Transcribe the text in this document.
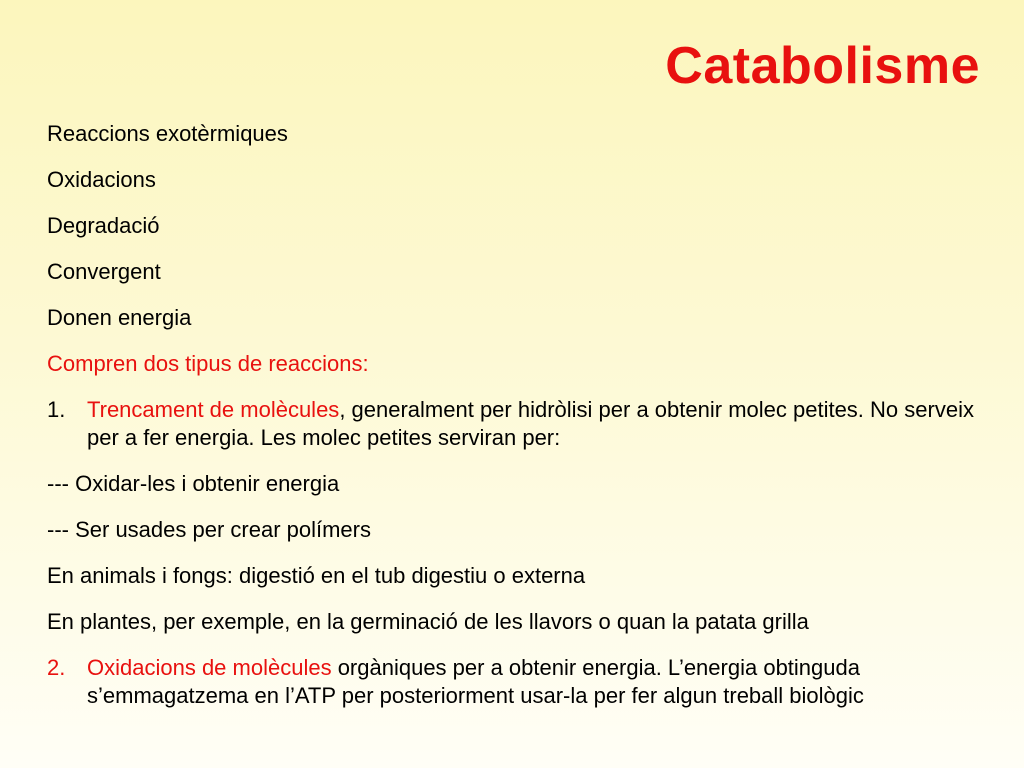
Catabolisme
Reaccions exotèrmiques
Oxidacions
Degradació
Convergent
Donen energia
Compren dos tipus de reaccions:
1. Trencament de molècules, generalment per hidròlisi per a obtenir molec petites. No serveix per a fer energia. Les molec petites serviran per:
--- Oxidar-les i obtenir energia
--- Ser usades per crear polímers
En animals i fongs: digestió en el tub digestiu o externa
En plantes, per exemple, en la germinació de les llavors o quan la patata grilla
2. Oxidacions de molècules orgàniques per a obtenir energia. L’energia obtinguda s’emmagatzema en l’ATP per posteriorment usar-la per fer algun treball biològic
